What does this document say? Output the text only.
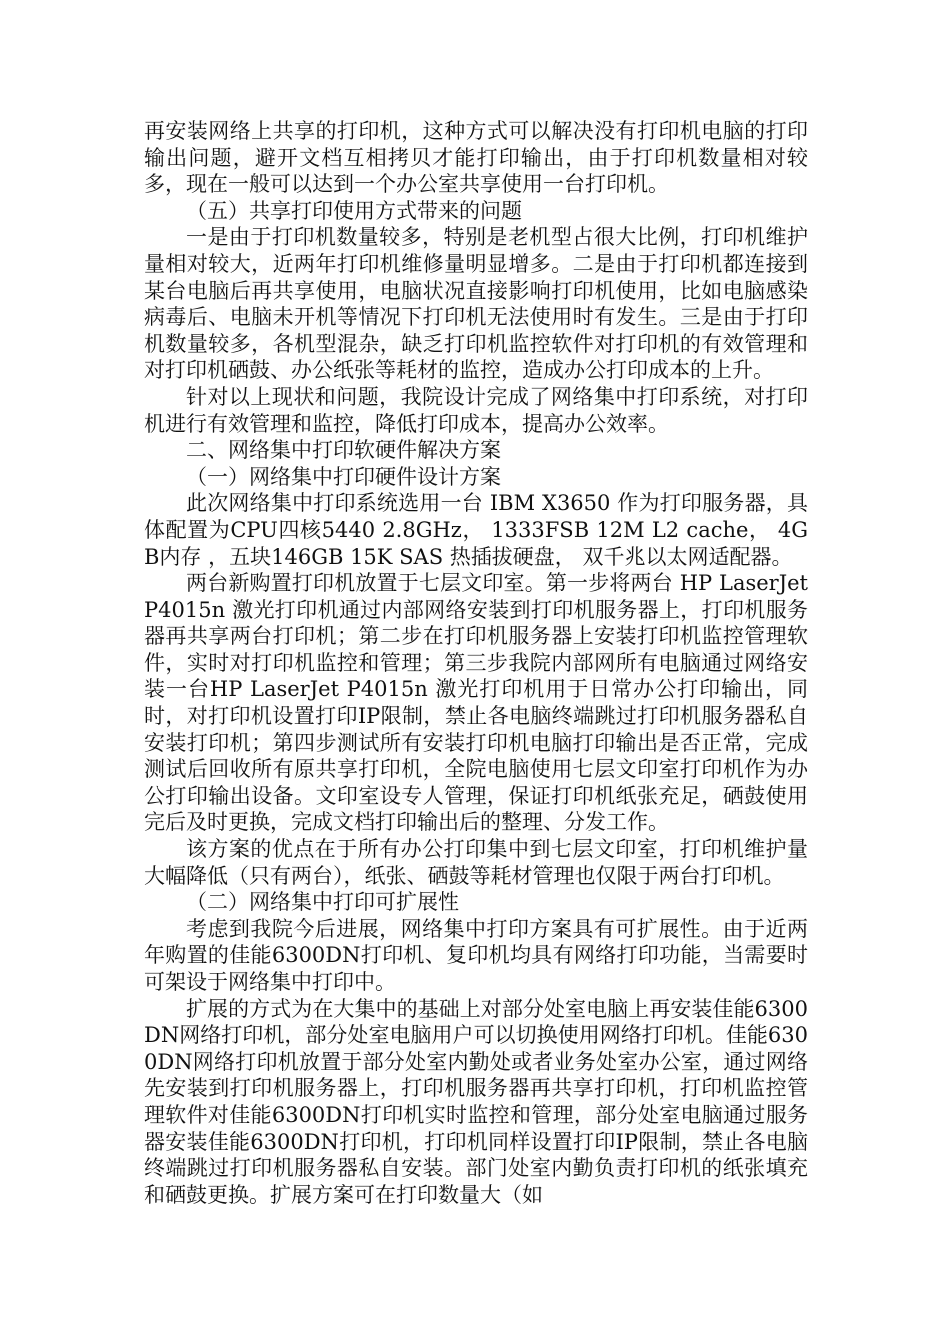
再安装网络上共享的打印机，这种方式可以解决没有打印机电脑的打印输出问题，避开文档互相拷贝才能打印输出，由于打印机数量相对较多，现在一般可以达到一个办公室共享使用一台打印机。

（五）共享打印使用方式带来的问题

一是由于打印机数量较多，特别是老机型占很大比例，打印机维护量相对较大，近两年打印机维修量明显增多。二是由于打印机都连接到某台电脑后再共享使用，电脑状况直接影响打印机使用，比如电脑感染病毒后、电脑未开机等情况下打印机无法使用时有发生。三是由于打印机数量较多，各机型混杂，缺乏打印机监控软件对打印机的有效管理和对打印机硒鼓、办公纸张等耗材的监控，造成办公打印成本的上升。

针对以上现状和问题，我院设计完成了网络集中打印系统，对打印机进行有效管理和监控，降低打印成本，提高办公效率。

二、网络集中打印软硬件解决方案

（一）网络集中打印硬件设计方案

此次网络集中打印系统选用一台 IBM X3650 作为打印服务器，具体配置为CPU四核5440 2.8GHz， 1333FSB 12M L2 cache， 4GB内存 ，五块146GB 15K SAS 热插拔硬盘， 双千兆以太网适配器。

两台新购置打印机放置于七层文印室。第一步将两台 HP LaserJet P4015n 激光打印机通过内部网络安装到打印机服务器上，打印机服务器再共享两台打印机；第二步在打印机服务器上安装打印机监控管理软件，实时对打印机监控和管理；第三步我院内部网所有电脑通过网络安装一台HP LaserJet P4015n 激光打印机用于日常办公打印输出，同时，对打印机设置打印IP限制，禁止各电脑终端跳过打印机服务器私自安装打印机；第四步测试所有安装打印机电脑打印输出是否正常，完成测试后回收所有原共享打印机，全院电脑使用七层文印室打印机作为办公打印输出设备。文印室设专人管理，保证打印机纸张充足，硒鼓使用完后及时更换，完成文档打印输出后的整理、分发工作。

该方案的优点在于所有办公打印集中到七层文印室，打印机维护量大幅降低（只有两台），纸张、硒鼓等耗材管理也仅限于两台打印机。

（二）网络集中打印可扩展性

考虑到我院今后进展，网络集中打印方案具有可扩展性。由于近两年购置的佳能6300DN打印机、复印机均具有网络打印功能，当需要时可架设于网络集中打印中。

扩展的方式为在大集中的基础上对部分处室电脑上再安装佳能6300DN网络打印机，部分处室电脑用户可以切换使用网络打印机。佳能6300DN网络打印机放置于部分处室内勤处或者业务处室办公室，通过网络先安装到打印机服务器上，打印机服务器再共享打印机，打印机监控管理软件对佳能6300DN打印机实时监控和管理，部分处室电脑通过服务器安装佳能6300DN打印机，打印机同样设置打印IP限制，禁止各电脑终端跳过打印机服务器私自安装。部门处室内勤负责打印机的纸张填充和硒鼓更换。扩展方案可在打印数量大（如
